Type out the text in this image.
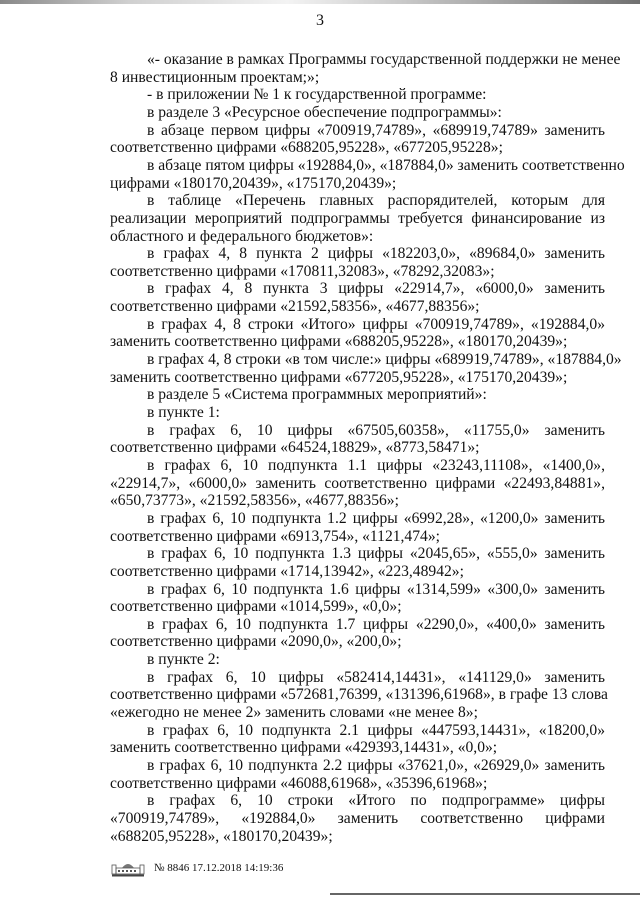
3
«- оказание в рамках Программы государственной поддержки не менее
8 инвестиционным проектам;»;
- в приложении № 1 к государственной программе:
в разделе 3 «Ресурсное обеспечение подпрограммы»:
в абзаце первом цифры «700919,74789», «689919,74789» заменить
соответственно цифрами «688205,95228», «677205,95228»;
в абзаце пятом цифры «192884,0», «187884,0» заменить соответственно
цифрами «180170,20439», «175170,20439»;
в таблице «Перечень главных распорядителей, которым для
реализации мероприятий подпрограммы требуется финансирование из
областного и федерального бюджетов»:
в графах 4, 8 пункта 2 цифры «182203,0», «89684,0» заменить
соответственно цифрами «170811,32083», «78292,32083»;
в графах 4, 8 пункта 3 цифры «22914,7», «6000,0» заменить
соответственно цифрами «21592,58356», «4677,88356»;
в графах 4, 8 строки «Итого» цифры «700919,74789», «192884,0»
заменить соответственно цифрами «688205,95228», «180170,20439»;
в графах 4, 8 строки «в том числе:» цифры «689919,74789», «187884,0»
заменить соответственно цифрами «677205,95228», «175170,20439»;
в разделе 5 «Система программных мероприятий»:
в пункте 1:
в графах 6, 10 цифры «67505,60358», «11755,0» заменить
соответственно цифрами «64524,18829», «8773,58471»;
в графах 6, 10 подпункта 1.1 цифры «23243,11108», «1400,0»,
«22914,7», «6000,0» заменить соответственно цифрами «22493,84881»,
«650,73773», «21592,58356», «4677,88356»;
в графах 6, 10 подпункта 1.2 цифры «6992,28», «1200,0» заменить
соответственно цифрами «6913,754», «1121,474»;
в графах 6, 10 подпункта 1.3 цифры «2045,65», «555,0» заменить
соответственно цифрами «1714,13942», «223,48942»;
в графах 6, 10 подпункта 1.6 цифры «1314,599» «300,0» заменить
соответственно цифрами «1014,599», «0,0»;
в графах 6, 10 подпункта 1.7 цифры «2290,0», «400,0» заменить
соответственно цифрами «2090,0», «200,0»;
в пункте 2:
в графах 6, 10 цифры «582414,14431», «141129,0» заменить
соответственно цифрами «572681,76399, «131396,61968», в графе 13 слова
«ежегодно не менее 2» заменить словами «не менее 8»;
в графах 6, 10 подпункта 2.1 цифры «447593,14431», «18200,0»
заменить соответственно цифрами «429393,14431», «0,0»;
в графах 6, 10 подпункта 2.2 цифры «37621,0», «26929,0» заменить
соответственно цифрами «46088,61968», «35396,61968»;
в графах 6, 10 строки «Итого по подпрограмме» цифры
«700919,74789», «192884,0» заменить соответственно цифрами
«688205,95228», «180170,20439»;
№ 8846 17.12.2018 14:19:36
